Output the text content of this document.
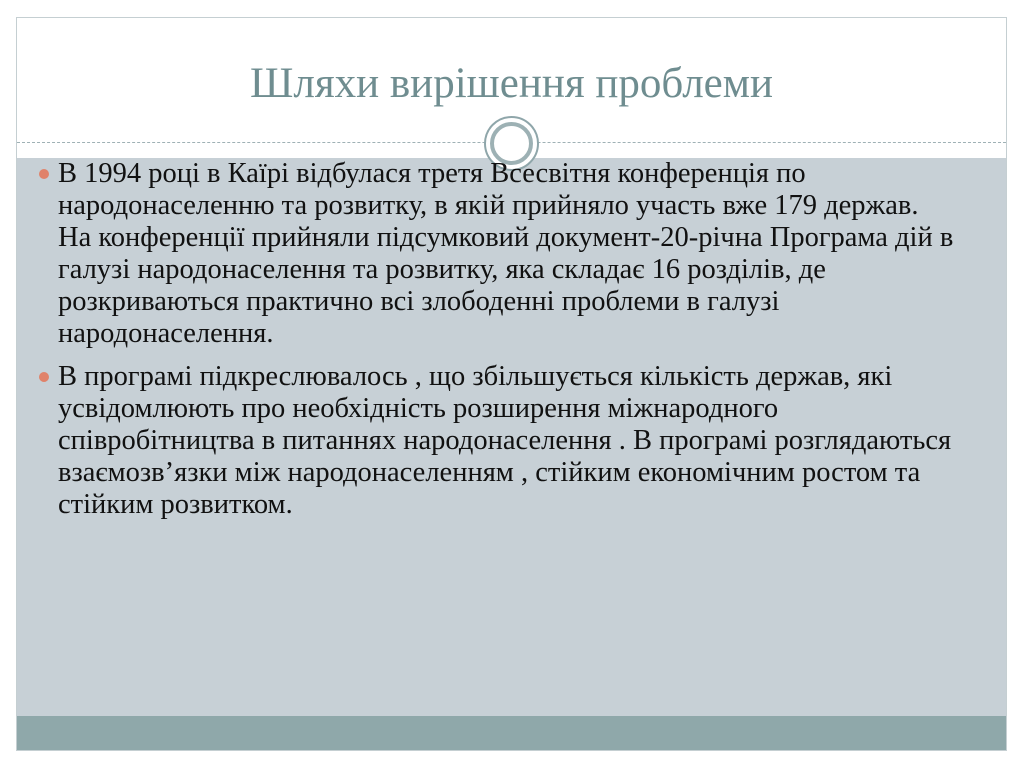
Шляхи вирішення проблеми
В 1994 році в Каїрі відбулася третя Всесвітня конференція по народонаселенню та розвитку, в якій прийняло участь вже 179 держав. На конференції прийняли підсумковий документ-20-річна Програма дій в галузі народонаселення та розвитку, яка складає 16 розділів, де розкриваються практично всі злободенні проблеми в галузі народонаселення.
В програмі підкреслювалось , що збільшується кількість держав, які усвідомлюють про необхідність розширення міжнародного співробітництва в питаннях народонаселення . В програмі розглядаються взаємозв’язки між народонаселенням , стійким економічним ростом та стійким розвитком.
